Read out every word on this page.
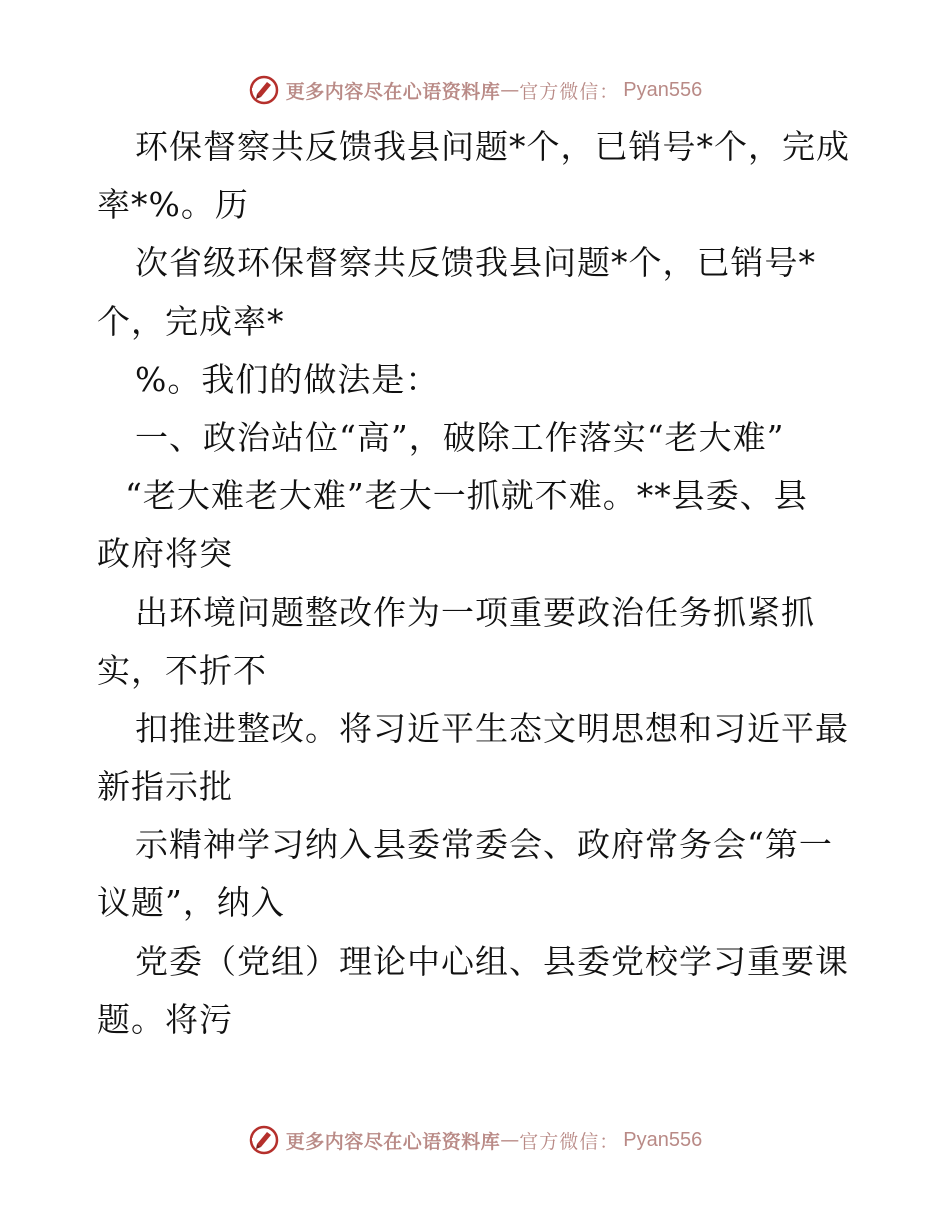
更多内容尽在心语资料库 — 官方微信： Pyan556
环保督察共反馈我县问题*个，已销号*个，完成
率*%。历
次省级环保督察共反馈我县问题*个，已销号*
个，完成率*
%。我们的做法是：
一、政治站位“高”，破除工作落实“老大难”
“老大难老大难”老大一抓就不难。**县委、县
政府将突
出环境问题整改作为一项重要政治任务抓紧抓
实，不折不
扣推进整改。将习近平生态文明思想和习近平最
新指示批
示精神学习纳入县委常委会、政府常务会“第一
议题”，纳入
党委（党组）理论中心组、县委党校学习重要课
题。将污
更多内容尽在心语资料库 — 官方微信： Pyan556
